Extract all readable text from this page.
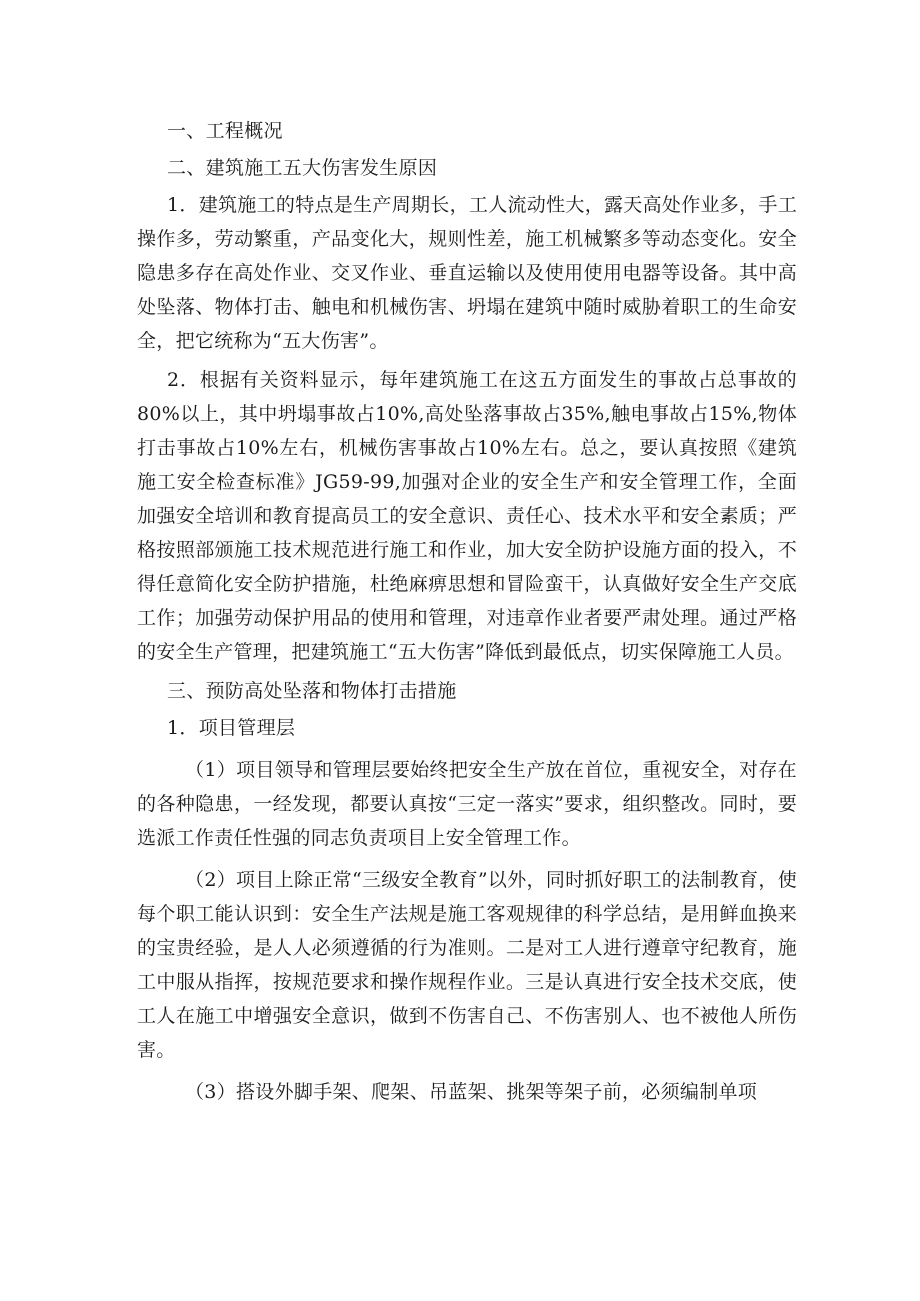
一、工程概况

二、建筑施工五大伤害发生原因

1．建筑施工的特点是生产周期长，工人流动性大，露天高处作业多，手工操作多，劳动繁重，产品变化大，规则性差，施工机械繁多等动态变化。安全隐患多存在高处作业、交叉作业、垂直运输以及使用使用电器等设备。其中高处坠落、物体打击、触电和机械伤害、坍塌在建筑中随时威胁着职工的生命安全，把它统称为“五大伤害”。

2．根据有关资料显示，每年建筑施工在这五方面发生的事故占总事故的80%以上，其中坍塌事故占10%,高处坠落事故占35%,触电事故占15%,物体打击事故占10%左右，机械伤害事故占10%左右。总之，要认真按照《建筑施工安全检查标准》JG59-99,加强对企业的安全生产和安全管理工作，全面加强安全培训和教育提高员工的安全意识、责任心、技术水平和安全素质；严格按照部颁施工技术规范进行施工和作业，加大安全防护设施方面的投入，不得任意简化安全防护措施，杜绝麻痹思想和冒险蛮干，认真做好安全生产交底工作；加强劳动保护用品的使用和管理，对违章作业者要严肃处理。通过严格的安全生产管理，把建筑施工“五大伤害”降低到最低点，切实保障施工人员。

三、预防高处坠落和物体打击措施

1．项目管理层

（1）项目领导和管理层要始终把安全生产放在首位，重视安全，对存在的各种隐患，一经发现，都要认真按“三定一落实”要求，组织整改。同时，要选派工作责任性强的同志负责项目上安全管理工作。

（2）项目上除正常“三级安全教育”以外，同时抓好职工的法制教育，使每个职工能认识到：安全生产法规是施工客观规律的科学总结，是用鲜血换来的宝贵经验，是人人必须遵循的行为准则。二是对工人进行遵章守纪教育，施工中服从指挥，按规范要求和操作规程作业。三是认真进行安全技术交底，使工人在施工中增强安全意识，做到不伤害自己、不伤害别人、也不被他人所伤害。

（3）搭设外脚手架、爬架、吊蓝架、挑架等架子前，必须编制单项
